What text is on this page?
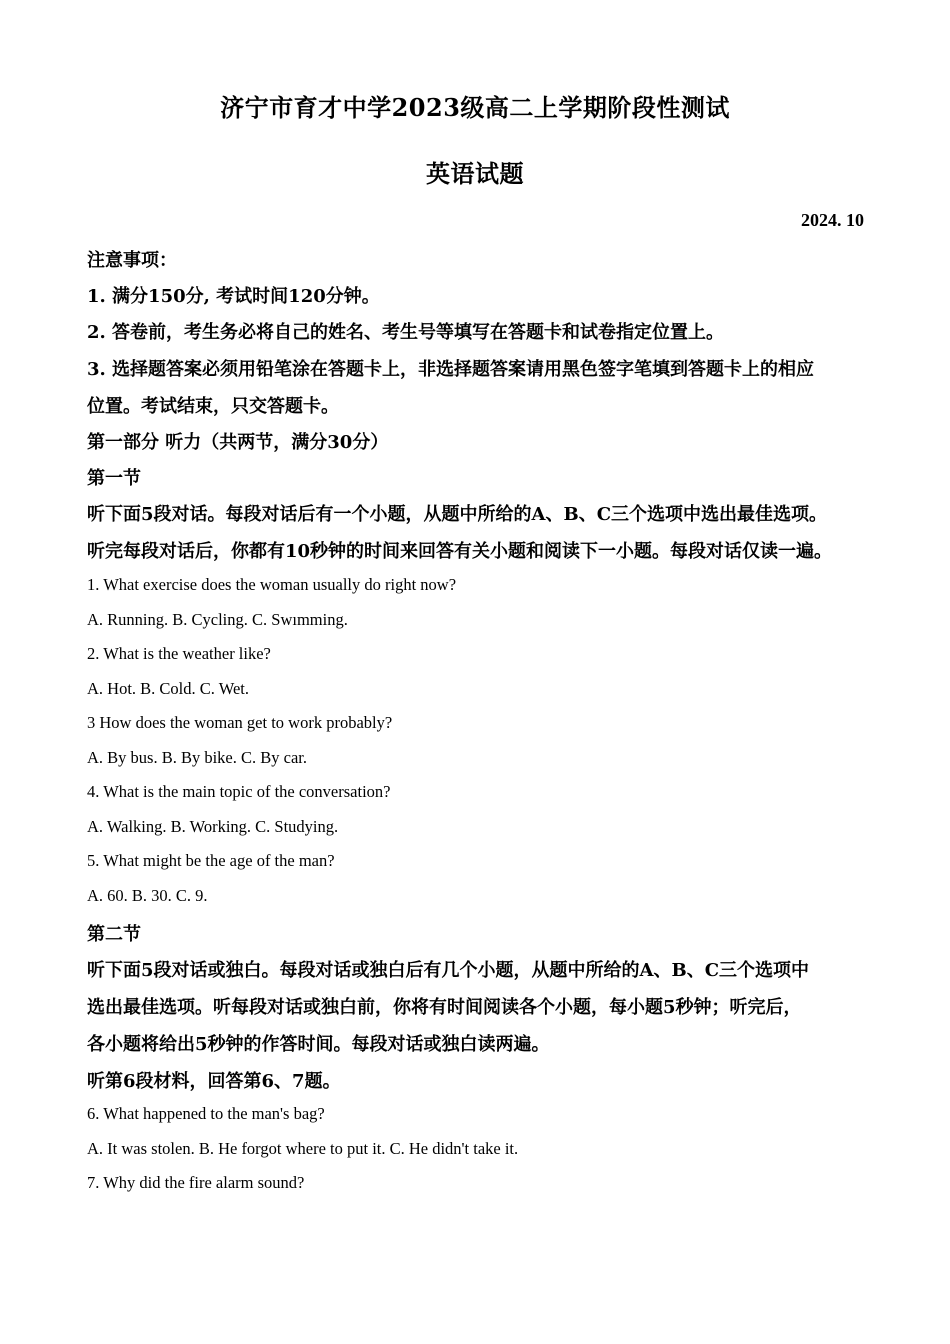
济宁市育才中学2023级高二上学期阶段性测试
英语试题
2024. 10
注意事项：
1. 满分150分, 考试时间120分钟。
2. 答卷前，考生务必将自己的姓名、考生号等填写在答题卡和试卷指定位置上。
3. 选择题答案必须用铅笔涂在答题卡上，非选择题答案请用黑色签字笔填到答题卡上的相应
位置。考试结束，只交答题卡。
第一部分 听力（共两节，满分30分）
第一节
听下面5段对话。每段对话后有一个小题，从题中所给的A、B、C三个选项中选出最佳选项。
听完每段对话后，你都有10秒钟的时间来回答有关小题和阅读下一小题。每段对话仅读一遍。
1. What exercise does the woman usually do right now?
A. Running. B. Cycling. C. Swımming.
2. What is the weather like?
A. Hot. B. Cold. C. Wet.
3 How does the woman get to work probably?
A. By bus. B. By bike. C. By car.
4. What is the main topic of the conversation?
A. Walking. B. Working. C. Studying.
5. What might be the age of the man?
A. 60. B. 30. C. 9.
第二节
听下面5段对话或独白。每段对话或独白后有几个小题，从题中所给的A、B、C三个选项中
选出最佳选项。听每段对话或独白前，你将有时间阅读各个小题，每小题5秒钟；听完后，
各小题将给出5秒钟的作答时间。每段对话或独白读两遍。
听第6段材料，回答第6、7题。
6. What happened to the man's bag?
A. It was stolen. B. He forgot where to put it. C. He didn't take it.
7. Why did the fire alarm sound?
